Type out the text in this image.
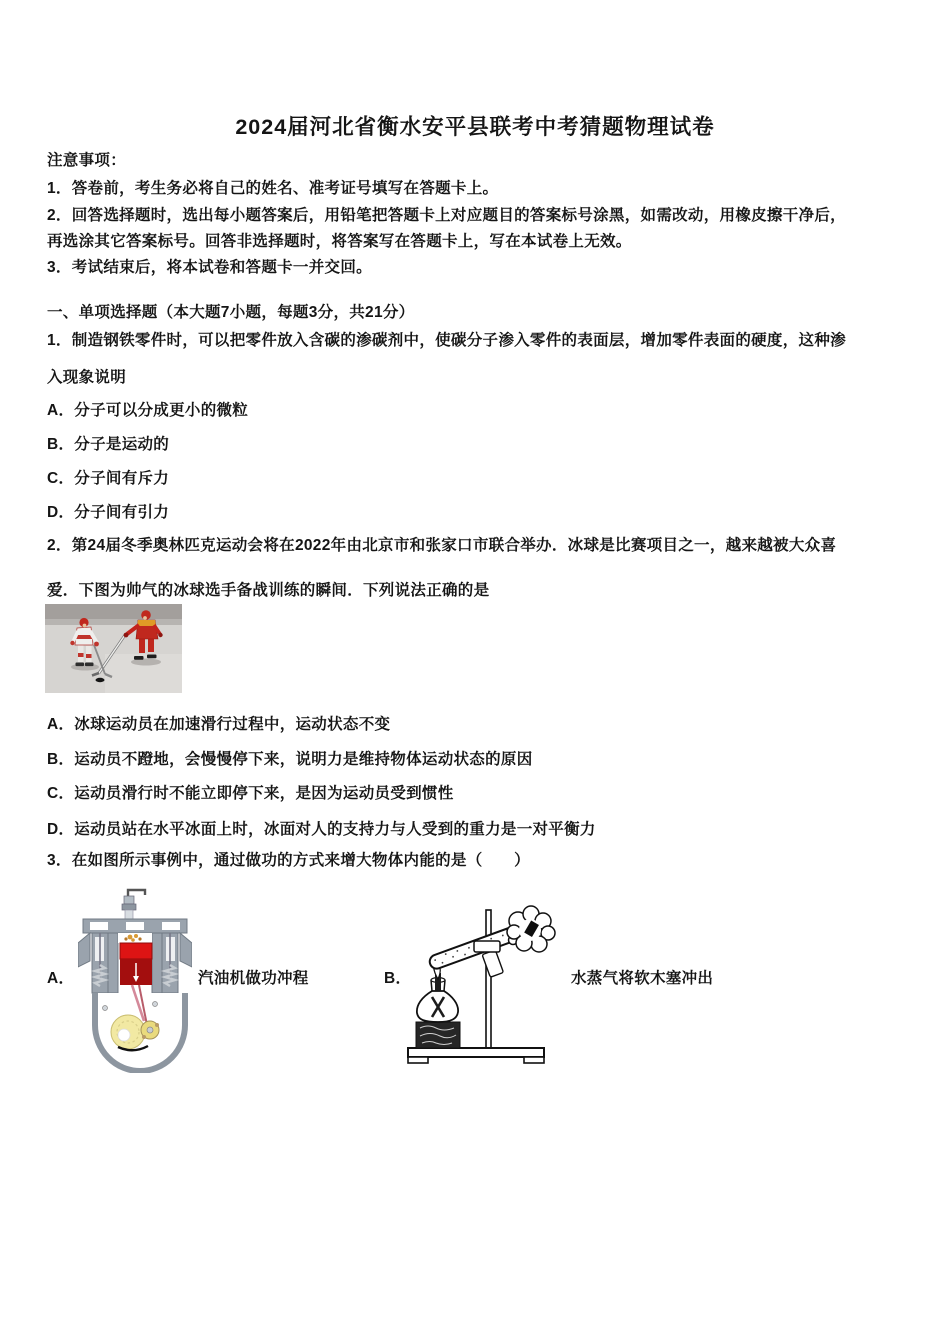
2024届河北省衡水安平县联考中考猜题物理试卷
注意事项：
1．答卷前，考生务必将自己的姓名、准考证号填写在答题卡上。
2．回答选择题时，选出每小题答案后，用铅笔把答题卡上对应题目的答案标号涂黑，如需改动，用橡皮擦干净后，
再选涂其它答案标号。回答非选择题时，将答案写在答题卡上，写在本试卷上无效。
3．考试结束后，将本试卷和答题卡一并交回。
一、单项选择题（本大题7小题，每题3分，共21分）
1．制造钢铁零件时，可以把零件放入含碳的渗碳剂中，使碳分子渗入零件的表面层，增加零件表面的硬度，这种渗
入现象说明
A．分子可以分成更小的微粒
B．分子是运动的
C．分子间有斥力
D．分子间有引力
2．第24届冬季奥林匹克运动会将在2022年由北京市和张家口市联合举办．冰球是比赛项目之一，越来越被大众喜
爱．下图为帅气的冰球选手备战训练的瞬间．下列说法正确的是
A．冰球运动员在加速滑行过程中，运动状态不变
B．运动员不蹬地，会慢慢停下来，说明力是维持物体运动状态的原因
C．运动员滑行时不能立即停下来，是因为运动员受到惯性
D．运动员站在水平冰面上时，冰面对人的支持力与人受到的重力是一对平衡力
3．在如图所示事例中，通过做功的方式来增大物体内能的是（　　）
A．	汽油机做功冲程	B．	水蒸气将软木塞冲出
